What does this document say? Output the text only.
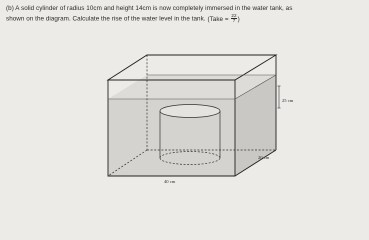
(b) A solid cylinder of radius 10cm and height 14cm is now completely immersed in the water tank, as
shown on the diagram. Calculate the rise of the water level in the tank. (Take = $\frac{22}{7}$ )
25 cm
20 cm
40 cm
